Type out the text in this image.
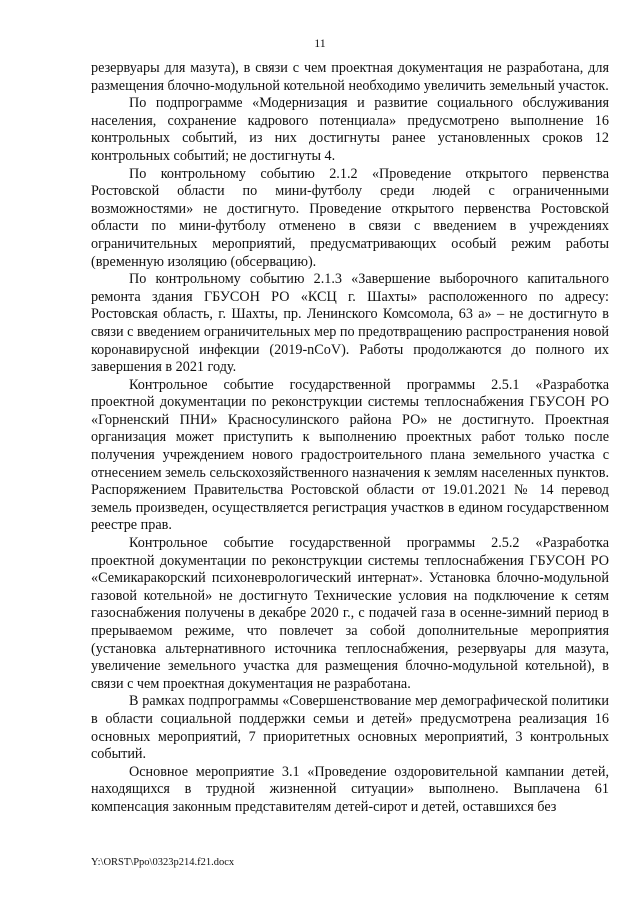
11

резервуары для мазута), в связи с чем проектная документация не разработана, для размещения блочно-модульной котельной необходимо увеличить земельный участок.

По подпрограмме «Модернизация и развитие социального обслуживания населения, сохранение кадрового потенциала» предусмотрено выполнение 16 контрольных событий, из них достигнуты ранее установленных сроков 12 контрольных событий; не достигнуты 4.

По контрольному событию 2.1.2 «Проведение открытого первенства Ростовской области по мини-футболу среди людей с ограниченными возможностями» не достигнуто. Проведение открытого первенства Ростовской области по мини-футболу отменено в связи с введением в учреждениях ограничительных мероприятий, предусматривающих особый режим работы (временную изоляцию (обсервацию).

По контрольному событию 2.1.3 «Завершение выборочного капитального ремонта здания ГБУСОН РО «КСЦ г. Шахты» расположенного по адресу: Ростовская область, г. Шахты, пр. Ленинского Комсомола, 63 а» – не достигнуто в связи с введением ограничительных мер по предотвращению распространения новой коронавирусной инфекции (2019-nCoV). Работы продолжаются до полного их завершения в 2021 году.

Контрольное событие государственной программы 2.5.1 «Разработка проектной документации по реконструкции системы теплоснабжения ГБУСОН РО «Горненский ПНИ» Красносулинского района РО» не достигнуто. Проектная организация может приступить к выполнению проектных работ только после получения учреждением нового градостроительного плана земельного участка с отнесением земель сельскохозяйственного назначения к землям населенных пунктов. Распоряжением Правительства Ростовской области от 19.01.2021 № 14 перевод земель произведен, осуществляется регистрация участков в едином государственном реестре прав.

Контрольное событие государственной программы 2.5.2 «Разработка проектной документации по реконструкции системы теплоснабжения ГБУСОН РО «Семикаракорский психоневрологический интернат». Установка блочно-модульной газовой котельной» не достигнуто Технические условия на подключение к сетям газоснабжения получены в декабре 2020 г., с подачей газа в осенне-зимний период в прерываемом режиме, что повлечет за собой дополнительные мероприятия (установка альтернативного источника теплоснабжения, резервуары для мазута, увеличение земельного участка для размещения блочно-модульной котельной), в связи с чем проектная документация не разработана.

В рамках подпрограммы «Совершенствование мер демографической политики в области социальной поддержки семьи и детей» предусмотрена реализация 16 основных мероприятий, 7 приоритетных основных мероприятий, 3 контрольных событий.

Основное мероприятие 3.1 «Проведение оздоровительной кампании детей, находящихся в трудной жизненной ситуации» выполнено. Выплачена 61 компенсация законным представителям детей-сирот и детей, оставшихся без

Y:\ORST\Ppo\0323p214.f21.docx
